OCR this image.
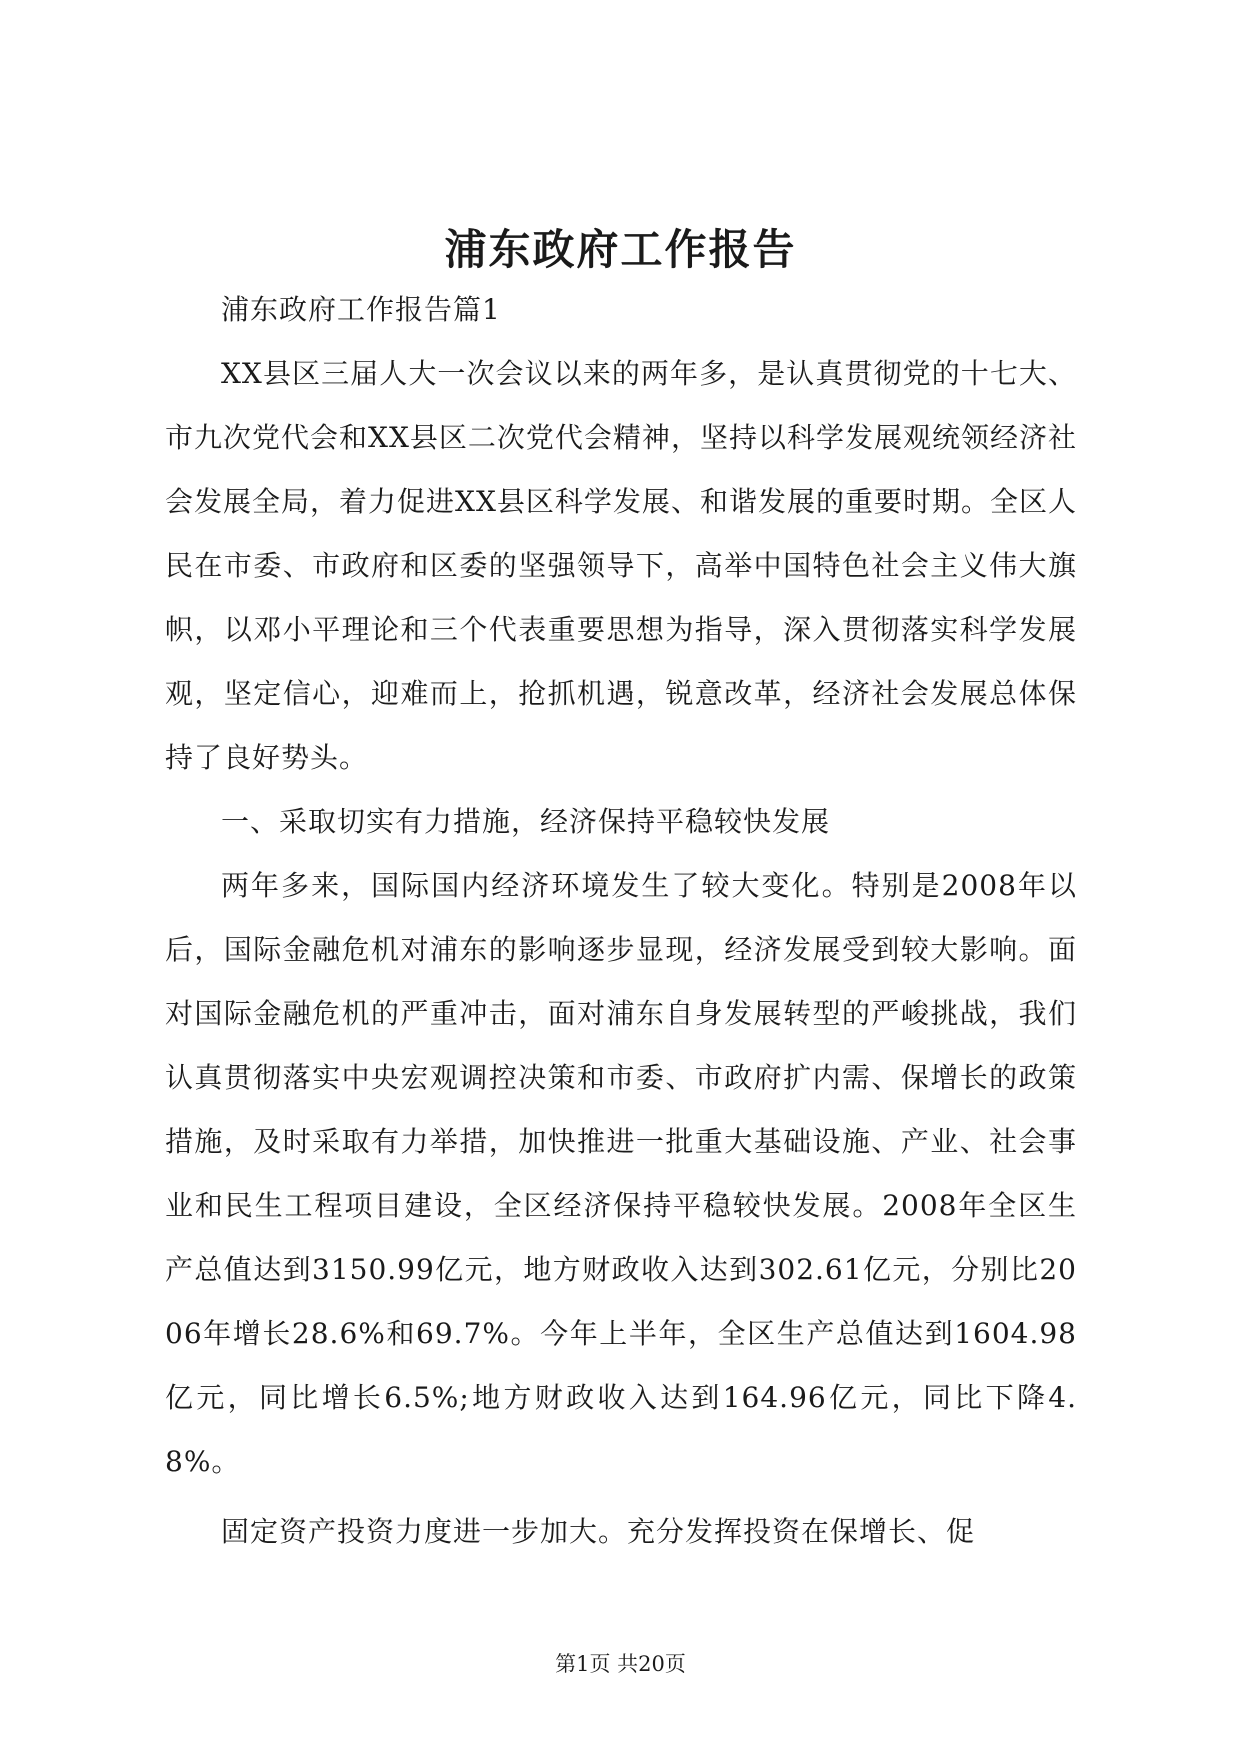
浦东政府工作报告

浦东政府工作报告篇1

XX县区三届人大一次会议以来的两年多，是认真贯彻党的十七大、市九次党代会和XX县区二次党代会精神，坚持以科学发展观统领经济社会发展全局，着力促进XX县区科学发展、和谐发展的重要时期。全区人民在市委、市政府和区委的坚强领导下，高举中国特色社会主义伟大旗帜，以邓小平理论和三个代表重要思想为指导，深入贯彻落实科学发展观，坚定信心，迎难而上，抢抓机遇，锐意改革，经济社会发展总体保持了良好势头。

一、采取切实有力措施，经济保持平稳较快发展

两年多来，国际国内经济环境发生了较大变化。特别是2008年以后，国际金融危机对浦东的影响逐步显现，经济发展受到较大影响。面对国际金融危机的严重冲击，面对浦东自身发展转型的严峻挑战，我们认真贯彻落实中央宏观调控决策和市委、市政府扩内需、保增长的政策措施，及时采取有力举措，加快推进一批重大基础设施、产业、社会事业和民生工程项目建设，全区经济保持平稳较快发展。2008年全区生产总值达到3150.99亿元，地方财政收入达到302.61亿元，分别比2006年增长28.6%和69.7%。今年上半年，全区生产总值达到1604.98亿元，同比增长6.5%;地方财政收入达到164.96亿元，同比下降4.8%。

固定资产投资力度进一步加大。充分发挥投资在保增长、促

第1页 共20页
